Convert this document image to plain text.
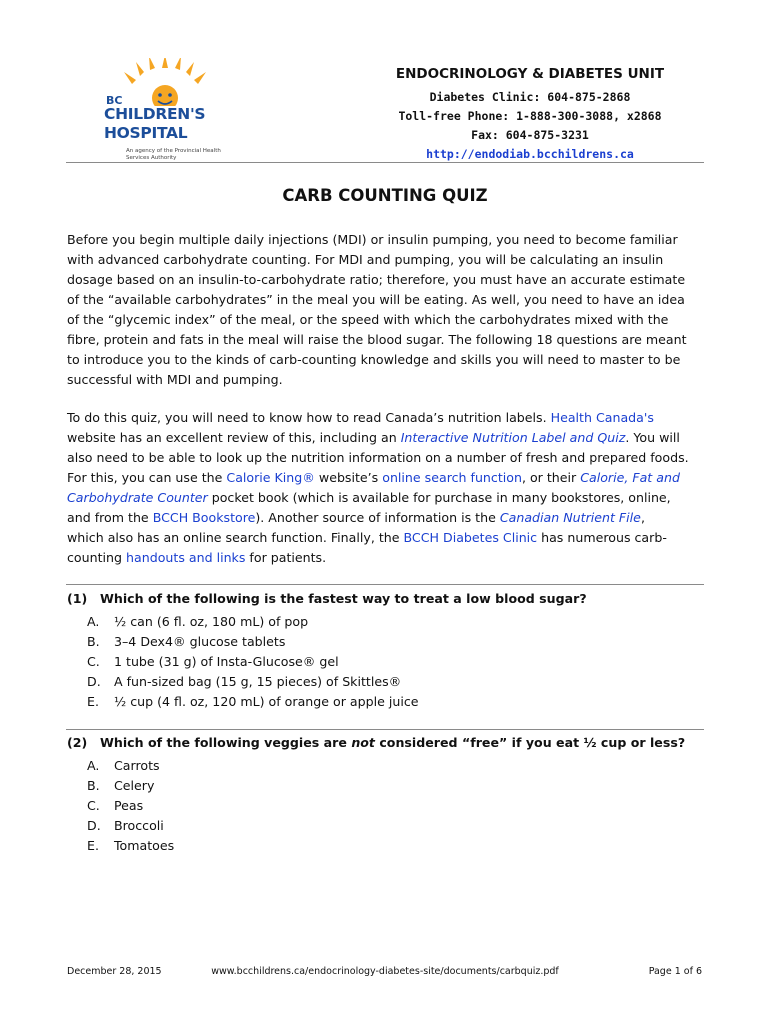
BC
CHILDREN'S
HOSPITAL
An agency of the Provincial Health Services Authority
ENDOCRINOLOGY & DIABETES UNIT
Diabetes Clinic: 604-875-2868
Toll-free Phone: 1-888-300-3088, x2868
Fax: 604-875-3231
http://endodiab.bcchildrens.ca
CARB COUNTING QUIZ
Before you begin multiple daily injections (MDI) or insulin pumping, you need to become familiar
with advanced carbohydrate counting. For MDI and pumping, you will be calculating an insulin
dosage based on an insulin-to-carbohydrate ratio; therefore, you must have an accurate estimate
of the “available carbohydrates” in the meal you will be eating. As well, you need to have an idea
of the “glycemic index” of the meal, or the speed with which the carbohydrates mixed with the
fibre, protein and fats in the meal will raise the blood sugar. The following 18 questions are meant
to introduce you to the kinds of carb-counting knowledge and skills you will need to master to be
successful with MDI and pumping.
To do this quiz, you will need to know how to read Canada’s nutrition labels. Health Canada's
website has an excellent review of this, including an Interactive Nutrition Label and Quiz. You will
also need to be able to look up the nutrition information on a number of fresh and prepared foods.
For this, you can use the Calorie King® website’s online search function, or their Calorie, Fat and
Carbohydrate Counter pocket book (which is available for purchase in many bookstores, online,
and from the BCCH Bookstore). Another source of information is the Canadian Nutrient File,
which also has an online search function. Finally, the BCCH Diabetes Clinic has numerous carb-
counting handouts and links for patients.
(1) Which of the following is the fastest way to treat a low blood sugar?
A. ½ can (6 fl. oz, 180 mL) of pop
B. 3–4 Dex4® glucose tablets
C. 1 tube (31 g) of Insta-Glucose® gel
D. A fun-sized bag (15 g, 15 pieces) of Skittles®
E. ½ cup (4 fl. oz, 120 mL) of orange or apple juice
(2) Which of the following veggies are not considered “free” if you eat ½ cup or less?
A. Carrots
B. Celery
C. Peas
D. Broccoli
E. Tomatoes
December 28, 2015	www.bcchildrens.ca/endocrinology-diabetes-site/documents/carbquiz.pdf	Page 1 of 6
